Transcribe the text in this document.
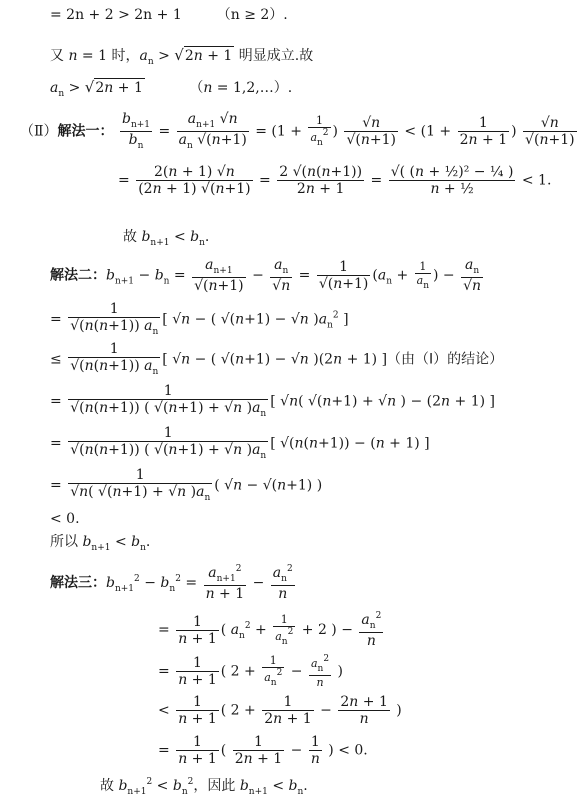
= 2n + 2 > 2n + 1　　　（n ≥ 2）.
又 n = 1 时，$a_n > √2n + 1$ 明显成立.故
$a_n > √2n + 1$	（n = 1,2,…）.
（Ⅱ）解法一： $\frac{b_{n+1}}{b_n} = \frac{a_{n+1} √n}{a_n √(n+1)} = (1 + \frac{1}{a_n^2}$ ) $\frac{√n}{√(n+1)} < (1 + \frac{1}{2n + 1}$ ) $\frac{√n}{√(n+1)}$
= $\frac{2(n + 1) √n}{(2n + 1) √(n+1)} = \frac{2 √(n(n+1))}{2n + 1} = \frac{\text{√( (n + ½)² − ¼ )}}{\text{n + ½}} < 1$.
故 $b_{n+1} < b_n$.
解法二：$b_{n+1} - b_n = \frac{a_{n+1}}{√(n+1)} - \frac{a_n}{√n} = \frac{1}{√(n+1)} (a_n + \frac{1}{a_n}$ ) − $\frac{a_n}{√n}$
= $\frac{1}{√(n(n+1)) a_n}$ [ √n − ( √(n+1) − √n )$a_n^2$ ]
≤ $\frac{1}{√(n(n+1)) a_n}$ [ √n − ( √(n+1) − √n )(2n + 1) ]（由（Ⅰ）的结论）
= $\frac{1}{√(n(n+1)) ( √(n+1) + √n )a_n}$ [ √n( √(n+1) + √n ) − (2n + 1) ]
= $\frac{1}{√(n(n+1)) ( √(n+1) + √n )a_n}$ [ √(n(n+1)) − (n + 1) ]
= $\frac{1}{√n( √(n+1) + √n )a_n}$ ( √n − √(n+1) )
< 0.
所以 $b_{n+1} < b_n$.
解法三：$b_{n+1}^2 - b_n^2 = \frac{a_{n+1}^2}{n + 1} - \frac{a_n^2}{n}$
= $\frac{1}{n + 1}$ ( $a_n^2 + \frac{1}{a_n^2} + 2$ ) − $\frac{a_n^2}{n}$
= $\frac{1}{n + 1}$ ( $2 + \frac{1}{a_n^2} - \frac{a_n^2}{n}$ )
< $\frac{1}{n + 1}$ ( $2 + \frac{1}{2n + 1} - \frac{2n + 1}{n}$ )
= $\frac{1}{n + 1}$ ( $\frac{1}{2n + 1} - \frac{1}{n}$ ) < 0.
故 $b_{n+1}^2 < b_n^2$，因此 $b_{n+1} < b_n$.
